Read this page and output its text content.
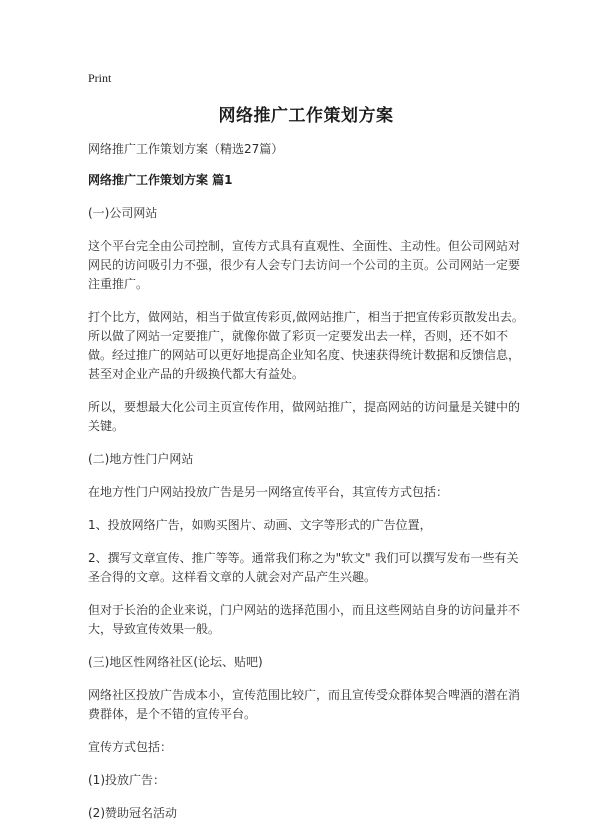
Print
网络推广工作策划方案
网络推广工作策划方案（精选27篇）
网络推广工作策划方案 篇1
(一)公司网站
这个平台完全由公司控制，宣传方式具有直观性、全面性、主动性。但公司网站对网民的访问吸引力不强，很少有人会专门去访问一个公司的主页。公司网站一定要注重推广。
打个比方，做网站，相当于做宣传彩页,做网站推广，相当于把宣传彩页散发出去。所以做了网站一定要推广，就像你做了彩页一定要发出去一样，否则，还不如不做。经过推广的网站可以更好地提高企业知名度、快速获得统计数据和反馈信息，甚至对企业产品的升级换代都大有益处。
所以，要想最大化公司主页宣传作用，做网站推广，提高网站的访问量是关键中的关键。
(二)地方性门户网站
在地方性门户网站投放广告是另一网络宣传平台，其宣传方式包括：
1、投放网络广告，如购买图片、动画、文字等形式的广告位置，
2、撰写文章宣传、推广等等。通常我们称之为"软文" 我们可以撰写发布一些有关圣合得的文章。这样看文章的人就会对产品产生兴趣。
但对于长治的企业来说，门户网站的选择范围小，而且这些网站自身的访问量并不大，导致宣传效果一般。
(三)地区性网络社区(论坛、贴吧)
网络社区投放广告成本小，宣传范围比较广，而且宣传受众群体契合啤酒的潜在消费群体，是个不错的宣传平台。
宣传方式包括：
(1)投放广告：
(2)赞助冠名活动
